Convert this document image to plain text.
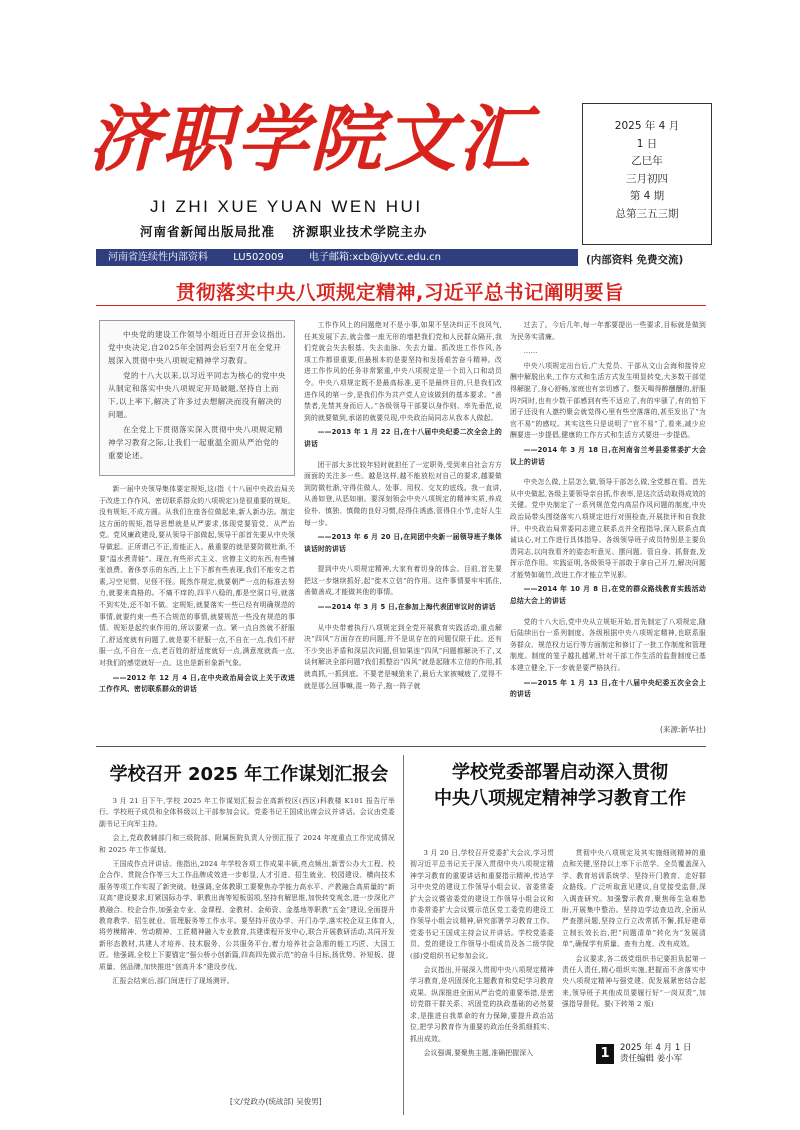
济职学院文汇
JI ZHI XUE YUAN WEN HUI
河南省新闻出版局批准 济源职业技术学院主办
2025 年 4 月
1 日
乙巳年
三月初四
第 4 期
总第三五三期
河南省连续性内部资料	LU502009	电子邮箱:xcb@jyvtc.edu.cn	(内部资料 免费交流)
贯彻落实中央八项规定精神,习近平总书记阐明要旨

中央党的建设工作领导小组近日召开会议指出,党中央决定,自2025年全国两会后至7月在全党开展深入贯彻中央八项规定精神学习教育。

党的十八大以来,以习近平同志为核心的党中央从制定和落实中央八项规定开局破题,坚持自上而下,以上率下,解决了许多过去想解决而没有解决的问题。

在全党上下贯彻落实深入贯彻中央八项规定精神学习教育之际,让我们一起重温全面从严治党的重要论述。

新一届中央领导集体要定规矩,这(指《十八届中央政治局关于改进工作作风、密切联系群众的八项规定》)是很重要的规矩。没有规矩,不成方圆。从我们在座各位做起来,新人新办法。制定这方面的规矩,指导思想就是从严要求,体现党要管党、从严治党。党风廉政建设,要从领导干部做起,领导干部首先要从中央领导做起。正所谓己不正,焉能正人。最重要的就是要防微杜渐,不要“温水煮青蛙”。现在,有些形式主义、官僚主义的东西,有些铺张浪费、奢侈享乐的东西,上上下下都有些表现,我们不能安之若素,习空见惯、见怪不怪。既然作规定,就要朝严一点的标准去努力,就要来真格的。不痛不痒的,四平八稳的,都是空洞口号,就落不到实处,还不如不做。定规矩,就要落实一些已经有明确规范的事情,就要约束一些不合规范的事情,就要规范一些没有规范的事情。规矩是起约束作用的,所以要紧一点。紧一点自然就不舒服了,舒适度就有问题了,就是要不舒服一点,不自在一点,我们不舒服一点,不自在一点,老百姓的舒适度就好一点,满意度就高一点,对我们的感觉就好一点。这也是新形象新气象。

——2012 年 12 月 4 日,在中央政治局会议上关于改进工作作风、密切联系群众的讲话

工作作风上的问题绝对不是小事,如果不坚决纠正不良风气,任其发展下去,就会像一座无形的墙把我们党和人民群众隔开,我们党就会失去根基、失去血脉、失去力量。抓改进工作作风,各项工作都很重要,但最根本的是要坚持和发扬艰苦奋斗精神。改进工作作风的任务非常繁重,中央八项规定是一个切入口和动员令。中央八项规定既不是最高标准,更不是最终目的,只是我们改进作风的第一步,是我们作为共产党人应该做到的基本要求。“善禁者,先禁其身而后人。”各级领导干部要以身作则、率先垂范,说到的就要做到,承诺的就要兑现,中央政治局同志从我本人做起。

——2013 年 1 月 22 日,在十八届中央纪委二次全会上的讲话

团干部大多比较年轻时就担任了一定职务,受到来自社会方方面面的关注多一些。越是这样,越不能放松对自己的要求,越要做到防微杜渐,守得住做人、处事、用权、交友的底线。我一直讲,从善如登,从恶如崩。要深刻领会中央八项规定的精神实质,养成俭朴、慎独、慎微的良好习惯,经得住诱惑,管得住小节,走好人生每一步。

——2013 年 6 月 20 日,在同团中央新一届领导班子集体谈话时的讲话

提到中央八项规定精神,大家有着切身的体会。目前,首先要把这一步继续抓好,起“徙木立信”的作用。这件事情要牢牢抓住,善做善成,才能做其他的事情。

——2014 年 3 月 5 日,在参加上海代表团审议时的讲话

从中央带着执行八项规定到全党开展教育实践活动,重点解决“四风”方面存在的问题,并不是说存在的问题仅限于此。还有不少突出矛盾和深层次问题,但如果连“四风”问题都解决不了,又谈何解决全部问题?我们抓整治“四风”就是起随木立信的作用,抓就真抓,一抓到底。不要老是喊狼来了,最后大家被喊疲了,觉得不就是那么回事嘛,混一阵子,拖一阵子就

过去了。今后几年,每一年都要提出一些要求,目标就是做到为民务实清廉。

……

中央八项规定出台后,广大党员、干部从文山会海和接待应酬中解脱出来,工作方式和生活方式发生明显转变,大多数干部觉得解脱了,身心舒畅,家庭也有亲切感了。整天喝得醉醺醺的,舒服吗?同时,也有少数干部感到有些不适应了,有的牢骚了,有的怕下团子还没有人邀约聚会就觉得心里有些空落落的,甚至发出了“为官不易”的感叹。其实这些只是说明了“官不易”了,看来,减少应酬要进一步提倡,健康的工作方式和生活方式要进一步提倡。

——2014 年 3 月 18 日,在河南省兰考县委常委扩大会议上的讲话

中央怎么做,上层怎么做,领导干部怎么做,全党都在看。首先从中央做起,各级主要领导亲自抓,作表率,是这次活动取得成效的关键。党中央制定了一系列规范党内高层作风问题的制度,中央政治局带头围绕落实八项规定进行对照检查,开展批评和自我批评。中央政治局常委同志建立联系点并全程指导,深入联系点真诚谈心,对工作进行具体指导。各级领导班子成员特别是主要负责同志,以向我看齐的姿态听意见、摆问题、管自身、抓督查,发挥示范作用。实践证明,各级领导干部敢于拿自己开刀,解决问题才能势如破竹,改进工作才能立竿见影。

——2014 年 10 月 8 日,在党的群众路线教育实践活动总结大会上的讲话

党的十八大后,党中央从立规矩开始,首先制定了八项规定,随后陆续出台一系列制度。各级根据中央八项规定精神,也联系服务群众、规范权力运行等方面制定和修订了一批工作制度和管理制度。制度的笼子越扎越紧,针对干部工作生活的监督制度已基本建立健全,下一步就是要严格执行。

——2015 年 1 月 13 日,在十八届中央纪委五次全会上的讲话

(来源:新华社)
学校召开 2025 年工作谋划汇报会

3 月 21 日下午,学校 2025 年工作谋划汇报会在高新校区(西区)科教楼 K101 报告厅举行。学校班子成员和全体科级以上干部参加会议。党委书记王国成出席会议并讲话。会议由党委副书记王向军主持。

会上,党政教辅部门和三级院部、附属医院负责人分别汇报了 2024 年度重点工作完成情况和 2025 年工作谋划。

王国成作点评讲话。他指出,2024 年学校各项工作成果丰硕,亮点频出,新晋公办大工程、校企合作、贯院合作等三大工作品牌成效进一步彰显,人才引进、招生就业、校园建设、横向技术服务等项工作实现了新突破。他强调,全体教职工要聚焦办学能力高水平、产教融合高质量的“新双高”建设要求,盯紧国际办学、职教出海等短板弱项,坚持有解思维,加快转变观念,进一步深化产教融合、校企合作,加强金专业、金课程、金教材、金师资、金基地等职教“五金”建设,全面提升教育教学、招生就业、管理服务等工作水平。要坚持开放办学、开门办学,落实校企双主体育人,将劳模精神、劳动精神、工匠精神融入专业教育,共建课程开发中心,联合开展教研活动,共同开发新形态教材,共建人才培养、技术服务、公共服务平台,着力培养社会急需的能工巧匠、大国工匠。他强调,全校上下要锚定“强公桥小创新篇,四高四先做示范”的奋斗目标,扬优势、补短板、提质量、创品牌,加快推进“创高升本”建设步伐。

汇报会结束后,部门间进行了现场测评。

[文/党政办(统战部) 吴俊男]
学校党委部署启动深入贯彻
中央八项规定精神学习教育工作

3 月 20 日,学校召开党委扩大会议,学习贯彻习近平总书记关于深入贯彻中央八项规定精神学习教育的重要讲话和重要指示精神,传达学习中央党的建设工作领导小组会议、省委常委扩大会议暨省委党的建设工作领导小组会议和市委常委扩大会议暨示范区党工委党的建设工作领导小组会议精神,研究部署学习教育工作。党委书记王国成主持会议并讲话。学校党委委员、党的建设工作领导小组成员及各二级学院(部)党组织书记参加会议。

会议指出,开展深入贯彻中央八项规定精神学习教育,是巩固深化主题教育和党纪学习教育成果、纵深推进全面从严治党的重要举措,是密切党群干群关系、巩固党的执政基础的必然要求,是推进自我革命的有力保障,要提升政治站位,把学习教育作为重要的政治任务抓细抓实、抓出成效。

会议强调,要聚焦主题,准确把握深入

贯彻中央八项规定及其实施细则精神的重点和关键,坚持以上率下示范学、全员覆盖深入学、教育培训系统学、坚持开门教育、走好群众路线。广泛听取意见建议,自觉接受监督,深入调查研究。加强警示教育,聚焦师生急难愁盼,开展集中整治。坚持边学边查边改,全面从严查摆问题,坚持立行立改常抓不懈,抓好建章立制长效长治,把“问题清单”转化为“发展清单”,确保学有质量、查有力度、改有成效。

会议要求,各二级党组织书记要担负起第一责任人责任,精心组织实施,把握而不舍落实中央八项规定精神与强党建、促发展紧密结合起来,领导班子其他成员要履行好“一岗双责”,加强指导督促。要(下转第 2 版)

1	2025 年 4 月 1 日
责任编辑 姜小军
